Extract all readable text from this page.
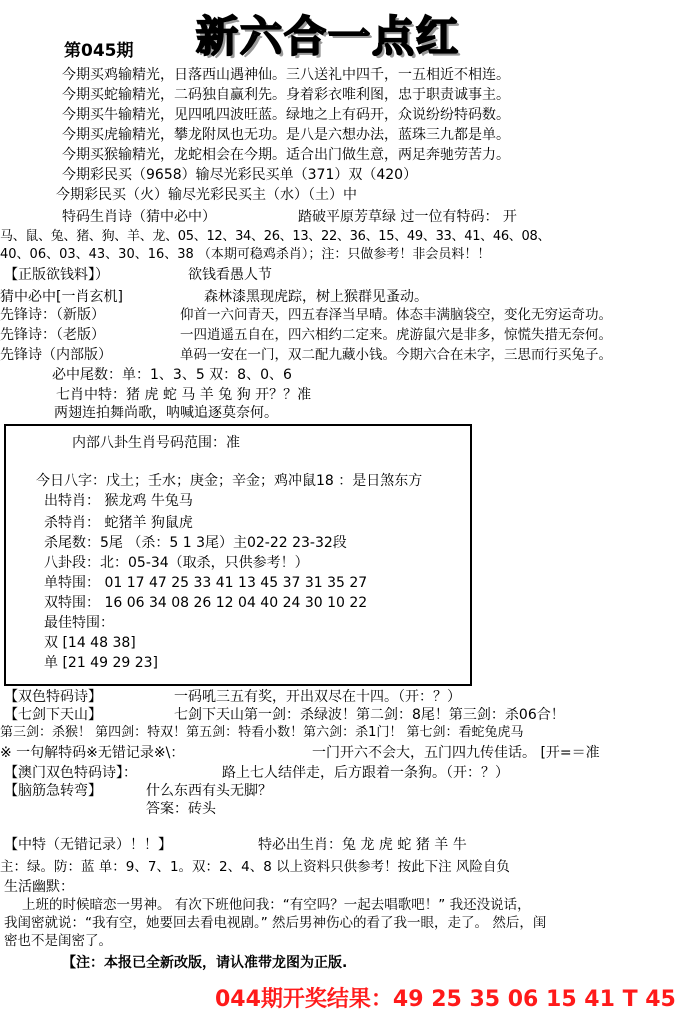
新六合一点红
第045期
今期买鸡输精光，日落西山遇神仙。三八送礼中四千，一五相近不相连。
今期买蛇输精光，二码独自赢利先。身着彩衣唯利图，忠于职责诚事主。
今期买牛输精光，见四吼四波旺蓝。绿地之上有码开，众说纷纷特码数。
今期买虎输精光，攀龙附凤也无功。是八是六想办法，蓝珠三九都是单。
今期买猴输精光，龙蛇相会在今期。适合出门做生意，两足奔驰劳苦力。
今期彩民买（9658）输尽光彩民买单（371）双（420）
今期彩民买（火）输尽光彩民买主（水）（土）中
特码生肖诗（猜中必中）	踏破平原芳草绿 过一位有特码： 开
马、鼠、兔、猪、狗、羊、龙、05、12、34、26、13、22、36、15、49、33、41、46、08、
40、06、03、43、30、16、38 （本期可稳鸡杀肖）；注：只做参考！非会员料！！
【正版欲钱料】）	欲钱看愚人节
猜中必中[一肖玄机]	森林漆黑现虎踪，树上猴群见蚤动。
先锋诗：（新版）	仰首一六问青天，四五春泽当早晴。体态丰满脑袋空，变化无穷运奇功。
先锋诗：（老版）	一四逍遥五自在，四六相约二定来。虎游鼠穴是非多，惊慌失措无奈何。
先锋诗（内部版）	单码一安在一门，双二配九藏小钱。今期六合在未字，三思而行买兔子。
必中尾数：单：1、3、5 双：8、0、6
七肖中特：猪 虎 蛇 马 羊 兔 狗 开？？准
两翅连拍舞尚歌，呐喊追逐莫奈何。
内部八卦生肖号码范围：准
今日八字：戊土；壬水；庚金；辛金；鸡冲鼠18 ：是日煞东方
出特肖： 猴龙鸡 牛兔马
杀特肖： 蛇猪羊 狗鼠虎
杀尾数：5尾 （杀：5 1 3尾）主02-22 23-32段
八卦段：北：05-34（取杀，只供参考！）
单特围： 01 17 47 25 33 41 13 45 37 31 35 27
双特围： 16 06 34 08 26 12 04 40 24 30 10 22
最佳特围：
双 [14 48 38]
单 [21 49 29 23]
【双色特码诗】	一码吼三五有奖，开出双尽在十四。（开：？）
【七剑下天山】	七剑下天山第一剑：杀绿波！第二剑：8尾！第三剑：杀06合！
第三剑：杀猴！ 第四剑：特双！第五剑：特看小数！第六剑：杀1门！ 第七剑：看蛇兔虎马
※ 一句解特码※无错记录※\：	一门开六不会大，五门四九传佳话。 [开=＝准
【澳门双色特码诗】：	路上七人结伴走，后方跟着一条狗。（开：？）
【脑筋急转弯】	什么东西有头无脚？
答案：砖头
【中特（无错记录）！！】	特必出生肖：兔 龙 虎 蛇 猪 羊 牛
主：绿。防：蓝 单：9、7、1。双：2、4、8 以上资料只供参考！按此下注 风险自负
生活幽默：
上班的时候暗恋一男神。 有次下班他问我：“有空吗？一起去唱歌吧！” 我还没说话，
我闺密就说：“我有空，她要回去看电视剧。” 然后男神伤心的看了我一眼，走了。 然后，闺
密也不是闺密了。
【注：本报已全新改版，请认准带龙图为正版.
044期开奖结果：49 25 35 06 15 41 T 45
